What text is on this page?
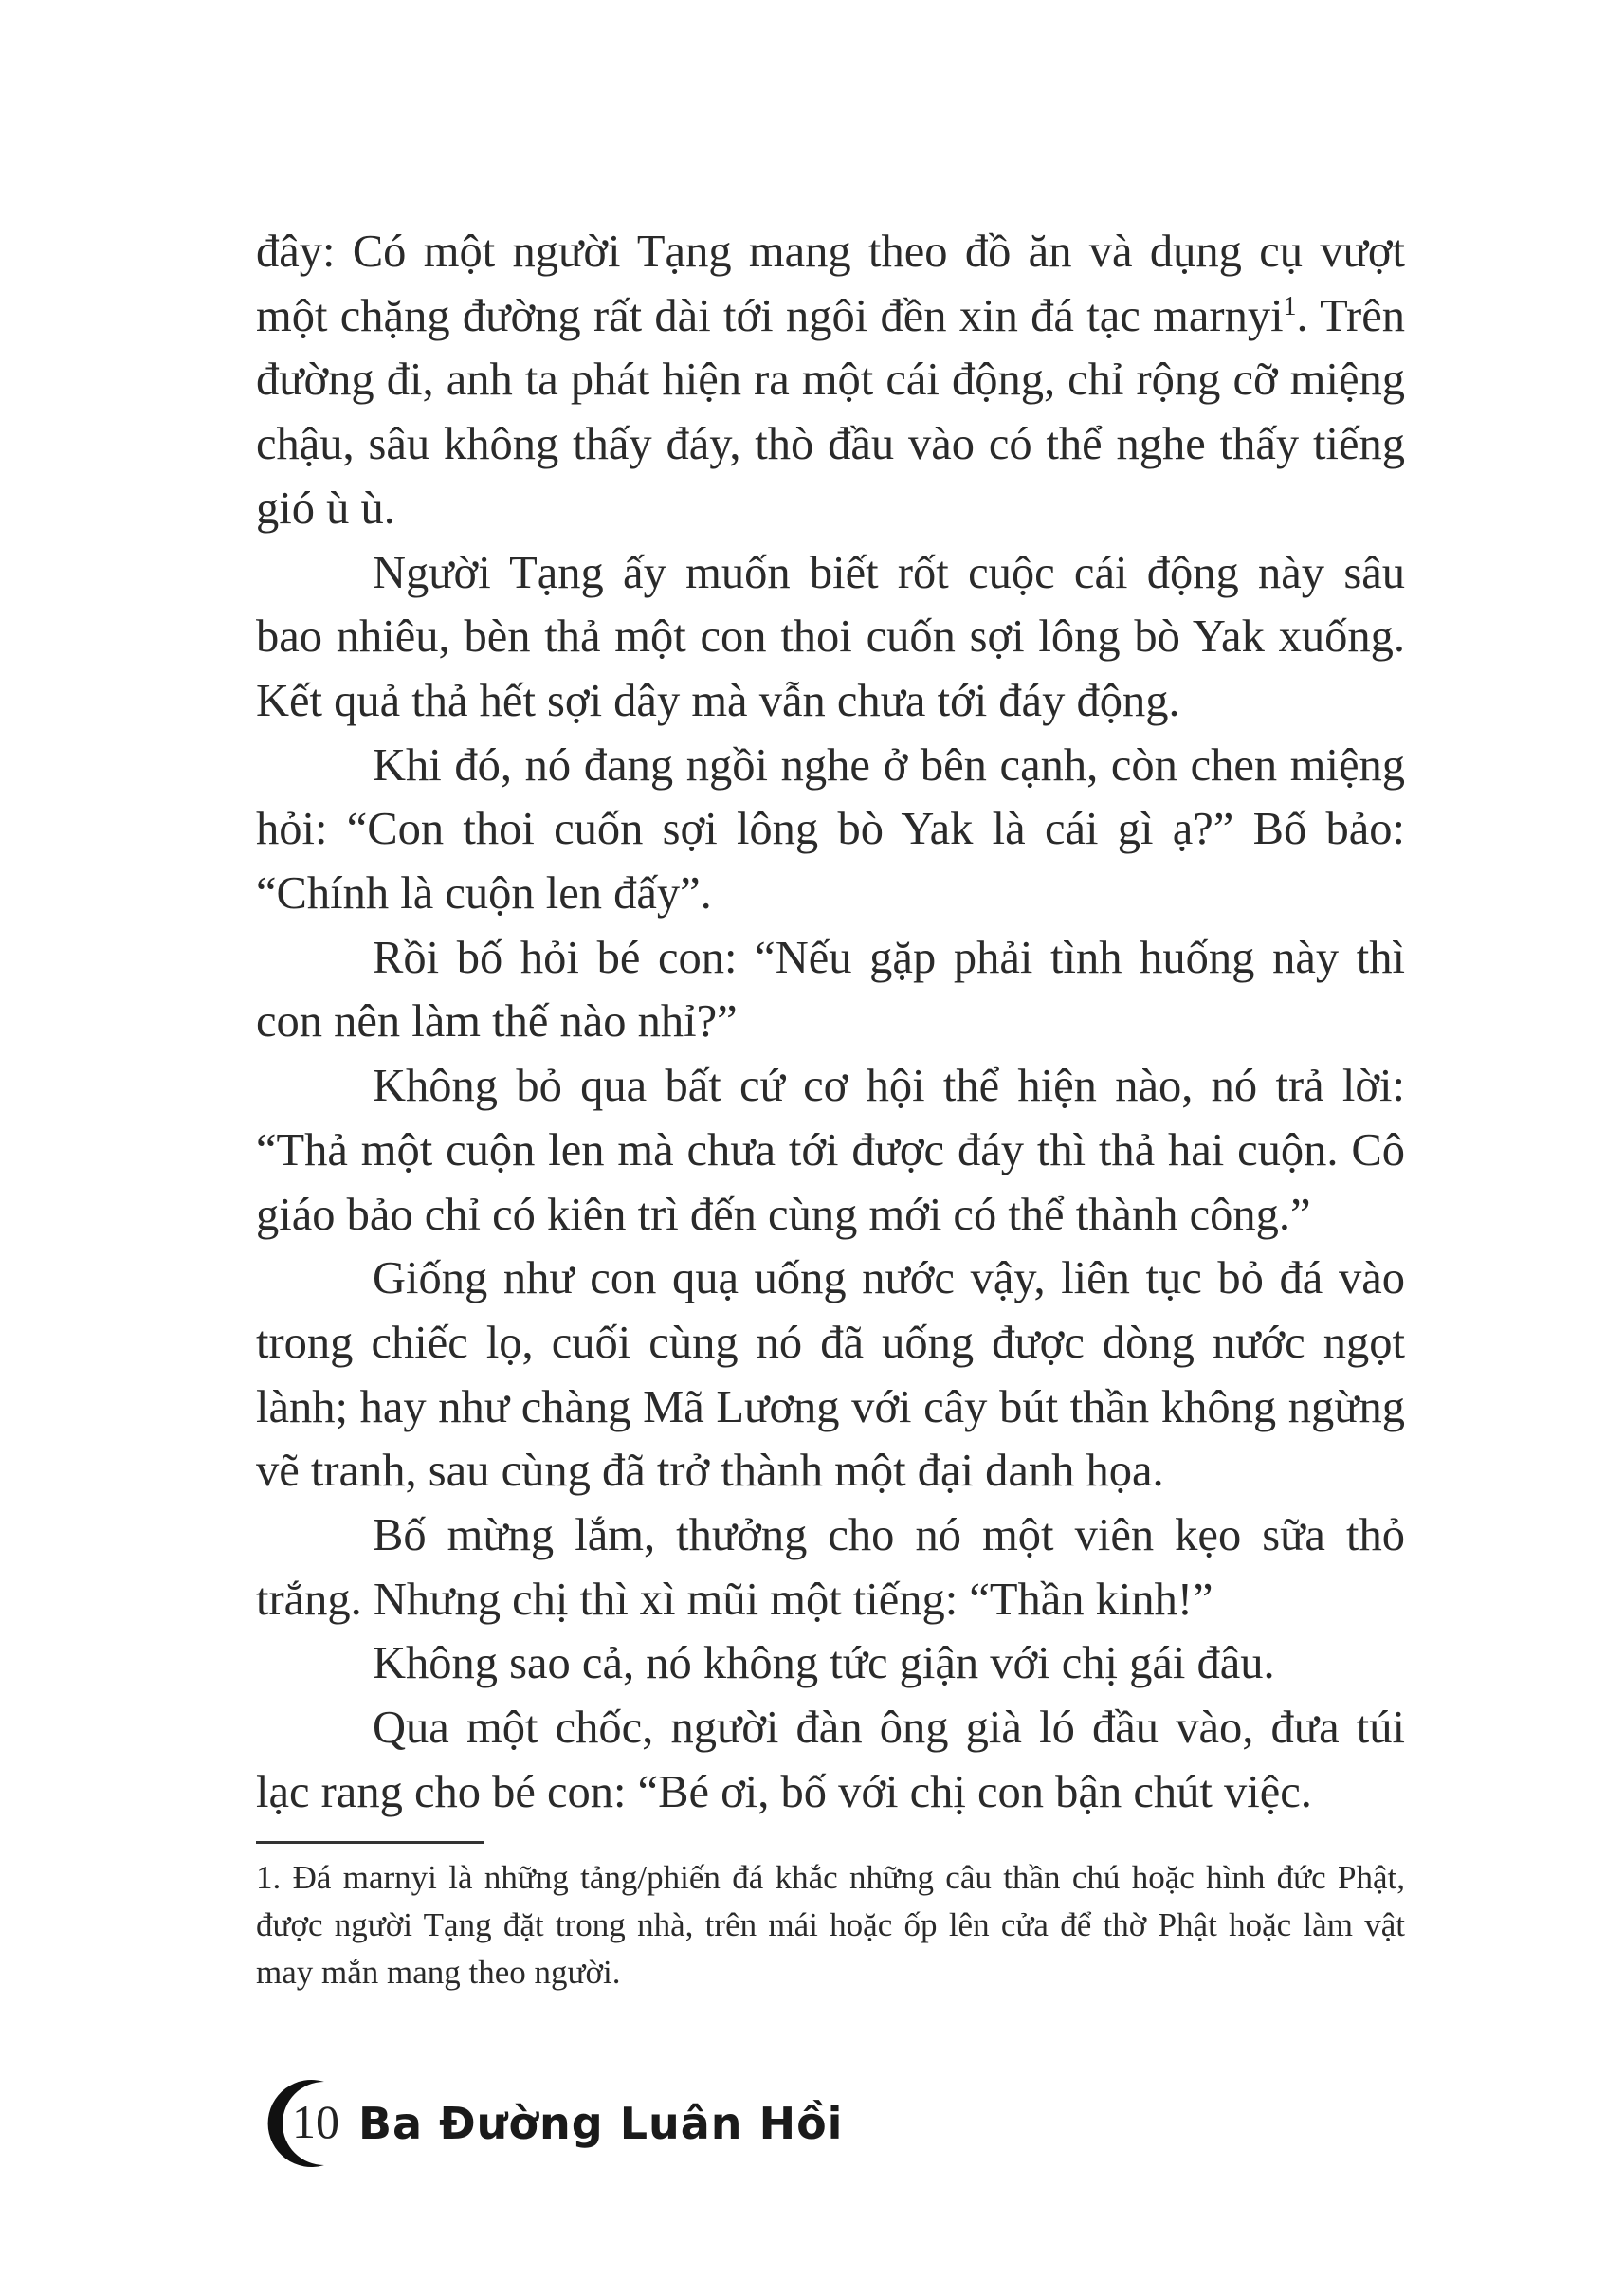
đây: Có một người Tạng mang theo đồ ăn và dụng cụ vượt một chặng đường rất dài tới ngôi đền xin đá tạc marnyi$^1$. Trên đường đi, anh ta phát hiện ra một cái động, chỉ rộng cỡ miệng chậu, sâu không thấy đáy, thò đầu vào có thể nghe thấy tiếng gió ù ù.

Người Tạng ấy muốn biết rốt cuộc cái động này sâu bao nhiêu, bèn thả một con thoi cuốn sợi lông bò Yak xuống. Kết quả thả hết sợi dây mà vẫn chưa tới đáy động.

Khi đó, nó đang ngồi nghe ở bên cạnh, còn chen miệng hỏi: “Con thoi cuốn sợi lông bò Yak là cái gì ạ?” Bố bảo: “Chính là cuộn len đấy”.

Rồi bố hỏi bé con: “Nếu gặp phải tình huống này thì con nên làm thế nào nhỉ?”

Không bỏ qua bất cứ cơ hội thể hiện nào, nó trả lời: “Thả một cuộn len mà chưa tới được đáy thì thả hai cuộn. Cô giáo bảo chỉ có kiên trì đến cùng mới có thể thành công.”

Giống như con quạ uống nước vậy, liên tục bỏ đá vào trong chiếc lọ, cuối cùng nó đã uống được dòng nước ngọt lành; hay như chàng Mã Lương với cây bút thần không ngừng vẽ tranh, sau cùng đã trở thành một đại danh họa.

Bố mừng lắm, thưởng cho nó một viên kẹo sữa thỏ trắng. Nhưng chị thì xì mũi một tiếng: “Thần kinh!”

Không sao cả, nó không tức giận với chị gái đâu.

Qua một chốc, người đàn ông già ló đầu vào, đưa túi lạc rang cho bé con: “Bé ơi, bố với chị con bận chút việc.

1. Đá marnyi là những tảng/phiến đá khắc những câu thần chú hoặc hình đức Phật, được người Tạng đặt trong nhà, trên mái hoặc ốp lên cửa để thờ Phật hoặc làm vật may mắn mang theo người.

10 Ba Đường Luân Hồi
